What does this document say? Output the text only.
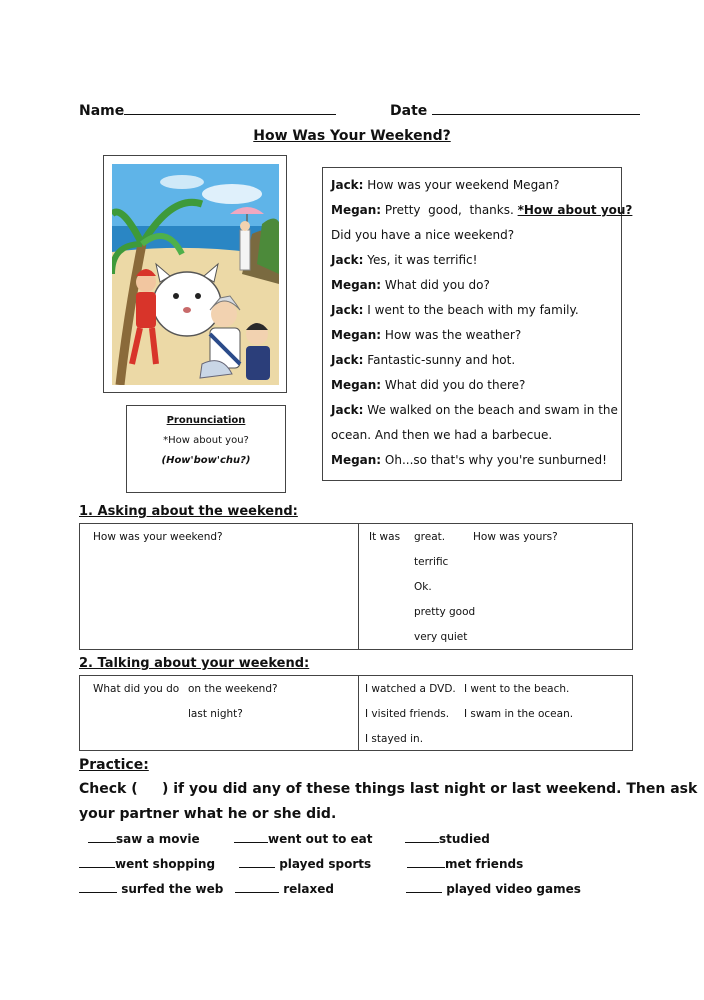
Name	Date
How Was Your Weekend?
Pronunciation
*How about you?
(How'bow'chu?)
Jack: How was your weekend Megan?
Megan: Pretty  good,  thanks. *How about you?
Did you have a nice weekend?
Jack: Yes, it was terrific!
Megan: What did you do?
Jack: I went to the beach with my family.
Megan: How was the weather?
Jack: Fantastic-sunny and hot.
Megan: What did you do there?
Jack: We walked on the beach and swam in the
ocean. And then we had a barbecue.
Megan: Oh...so that's why you're sunburned!
1. Asking about the weekend:
How was your weekend?	It was great.	How was yours?
terrific
Ok.
pretty good
very quiet
2. Talking about your weekend:
What did you do on the weekend?
last night?
I watched a DVD. I went to the beach.
I visited friends. I swam in the ocean.
I stayed in.
Practice:
Check (     ) if you did any of these things last night or last weekend. Then ask
your partner what he or she did.
saw a movie	went out to eat	studied
went shopping	played sports	met friends
surfed the web	relaxed	played video games
